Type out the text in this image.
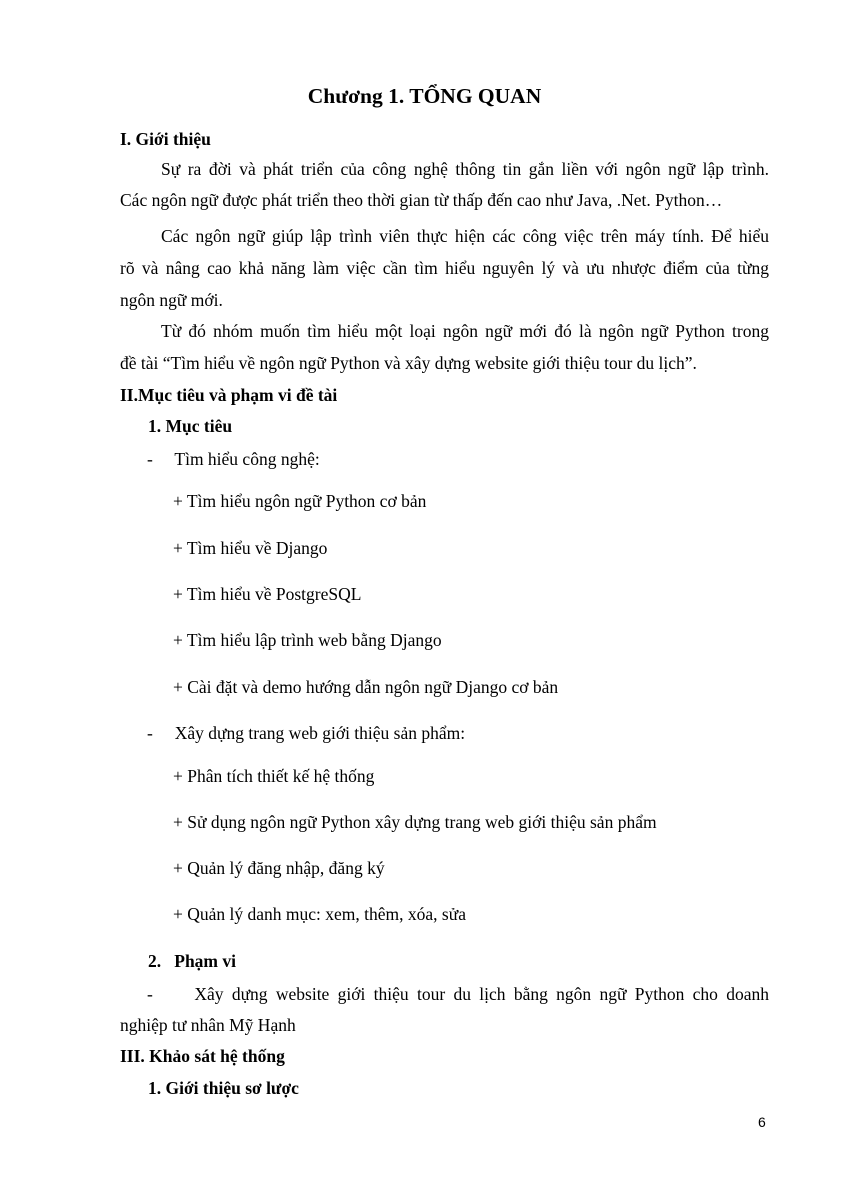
Chương 1. TỔNG QUAN
I. Giới thiệu
Sự ra đời và phát triển của công nghệ thông tin gắn liền với ngôn ngữ lập trình.
Các ngôn ngữ được phát triển theo thời gian từ thấp đến cao như Java, .Net. Python…
Các ngôn ngữ giúp lập trình viên thực hiện các công việc trên máy tính. Để hiểu
rõ và nâng cao khả năng làm việc cần tìm hiểu nguyên lý và ưu nhược điểm của từng
ngôn ngữ mới.
Từ đó nhóm muốn tìm hiểu một loại ngôn ngữ mới đó là ngôn ngữ Python trong
đề tài “Tìm hiểu về ngôn ngữ Python và xây dựng website giới thiệu tour du lịch”.
II.Mục tiêu và phạm vi đề tài
1. Mục tiêu
-     Tìm hiểu công nghệ:
+ Tìm hiểu ngôn ngữ Python cơ bản
+ Tìm hiểu về Django
+ Tìm hiểu về PostgreSQL
+ Tìm hiểu lập trình web bằng Django
+ Cài đặt và demo hướng dẫn ngôn ngữ Django cơ bản
-     Xây dựng trang web giới thiệu sản phẩm:
+ Phân tích thiết kế hệ thống
+ Sử dụng ngôn ngữ Python xây dựng trang web giới thiệu sản phẩm
+ Quản lý đăng nhập, đăng ký
+ Quản lý danh mục: xem, thêm, xóa, sửa
2.   Phạm vi
-     Xây dựng website giới thiệu tour du lịch bằng ngôn ngữ Python cho doanh
nghiệp tư nhân Mỹ Hạnh
III. Khảo sát hệ thống
1. Giới thiệu sơ lược
6
